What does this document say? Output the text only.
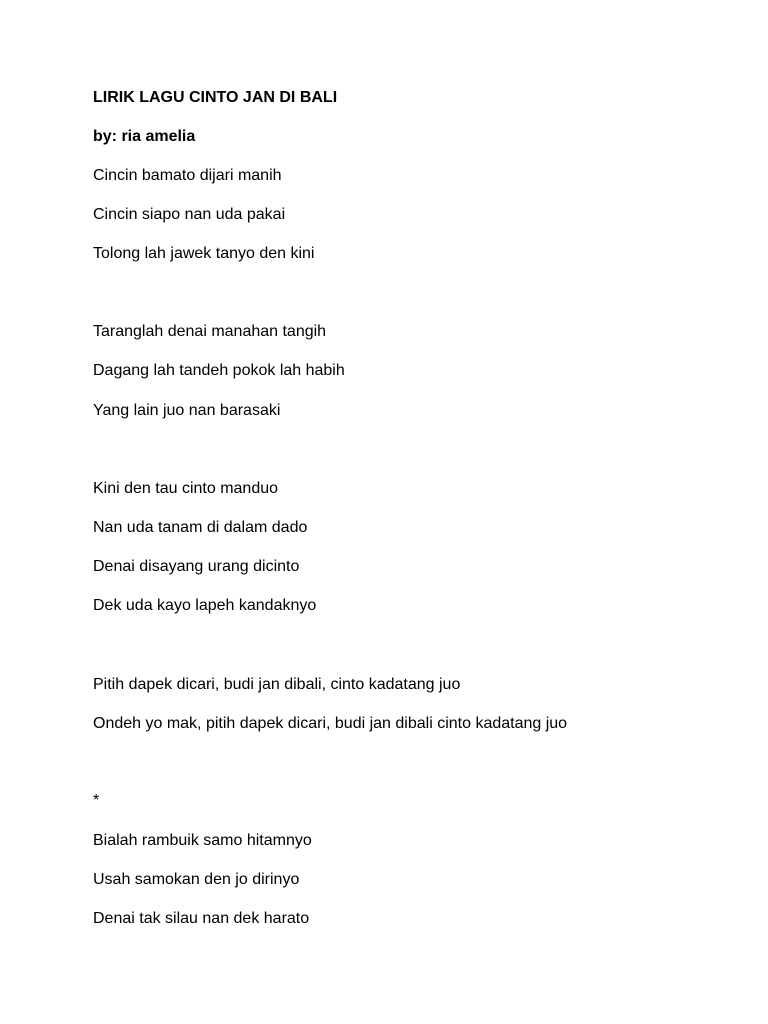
LIRIK LAGU CINTO JAN DI BALI

by: ria amelia

Cincin bamato dijari manih

Cincin siapo nan uda pakai

Tolong lah jawek tanyo den kini

Taranglah denai manahan tangih

Dagang lah tandeh pokok lah habih

Yang lain juo nan barasaki

Kini den tau cinto manduo

Nan uda tanam di dalam dado

Denai disayang urang dicinto

Dek uda kayo lapeh kandaknyo

Pitih dapek dicari, budi jan dibali, cinto kadatang juo

Ondeh yo mak, pitih dapek dicari, budi jan dibali cinto kadatang juo

*

Bialah rambuik samo hitamnyo

Usah samokan den jo dirinyo

Denai tak silau nan dek harato
